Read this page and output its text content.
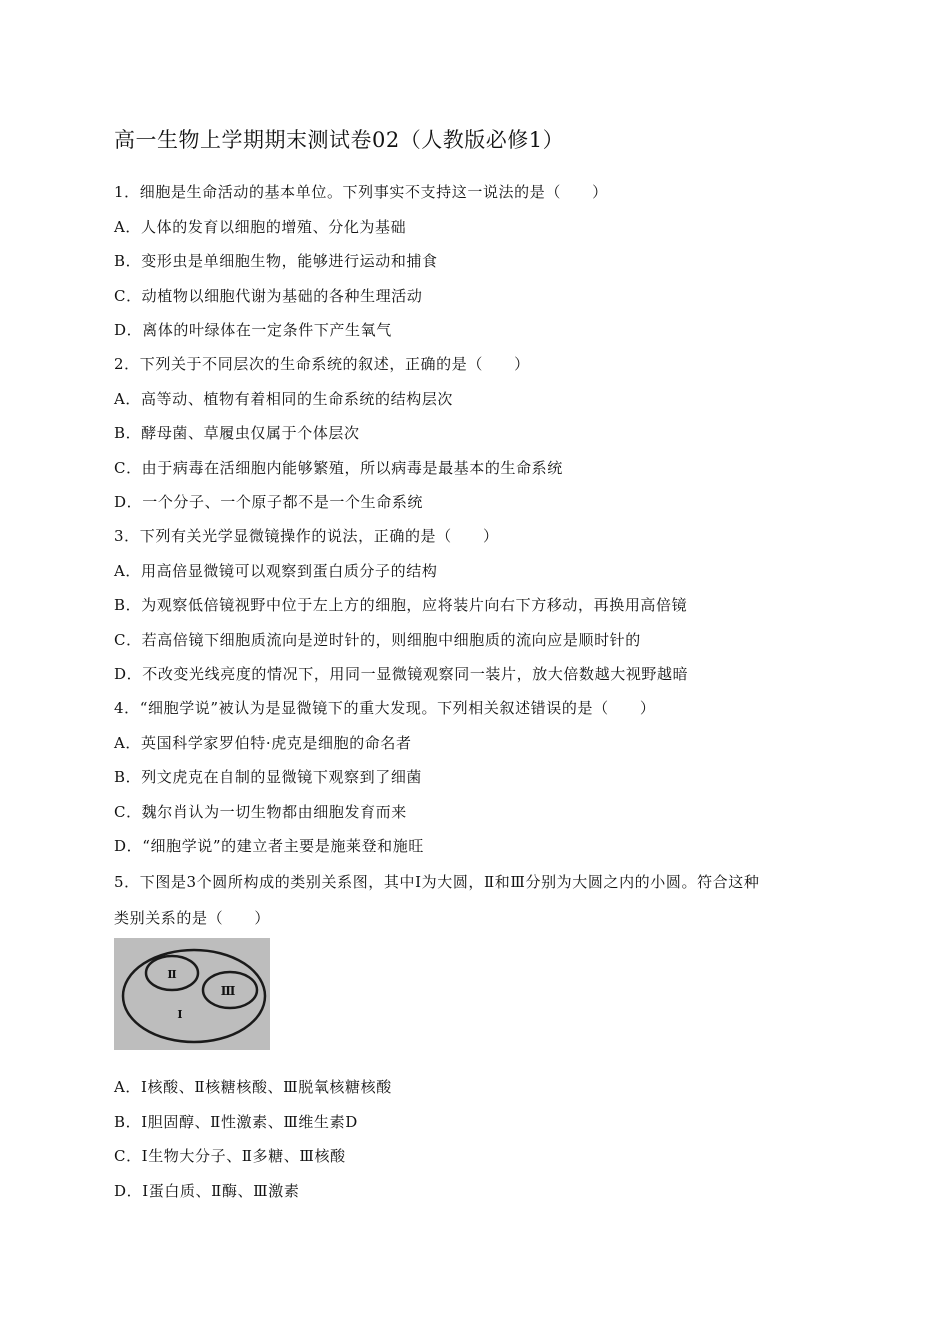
高一生物上学期期末测试卷02（人教版必修1）
1．细胞是生命活动的基本单位。下列事实不支持这一说法的是（　　）
A．人体的发育以细胞的增殖、分化为基础
B．变形虫是单细胞生物，能够进行运动和捕食
C．动植物以细胞代谢为基础的各种生理活动
D．离体的叶绿体在一定条件下产生氧气
2．下列关于不同层次的生命系统的叙述，正确的是（　　）
A．高等动、植物有着相同的生命系统的结构层次
B．酵母菌、草履虫仅属于个体层次
C．由于病毒在活细胞内能够繁殖，所以病毒是最基本的生命系统
D．一个分子、一个原子都不是一个生命系统
3．下列有关光学显微镜操作的说法，正确的是（　　）
A．用高倍显微镜可以观察到蛋白质分子的结构
B．为观察低倍镜视野中位于左上方的细胞，应将装片向右下方移动，再换用高倍镜
C．若高倍镜下细胞质流向是逆时针的，则细胞中细胞质的流向应是顺时针的
D．不改变光线亮度的情况下，用同一显微镜观察同一装片，放大倍数越大视野越暗
4．“细胞学说”被认为是显微镜下的重大发现。下列相关叙述错误的是（　　）
A．英国科学家罗伯特·虎克是细胞的命名者
B．列文虎克在自制的显微镜下观察到了细菌
C．魏尔肖认为一切生物都由细胞发育而来
D．“细胞学说”的建立者主要是施莱登和施旺
5．下图是3个圆所构成的类别关系图，其中Ⅰ为大圆，Ⅱ和Ⅲ分别为大圆之内的小圆。符合这种
类别关系的是（　　）
Ⅱ
Ⅲ
Ⅰ
A．Ⅰ核酸、Ⅱ核糖核酸、Ⅲ脱氧核糖核酸
B．Ⅰ胆固醇、Ⅱ性激素、Ⅲ维生素D
C．Ⅰ生物大分子、Ⅱ多糖、Ⅲ核酸
D．Ⅰ蛋白质、Ⅱ酶、Ⅲ激素
